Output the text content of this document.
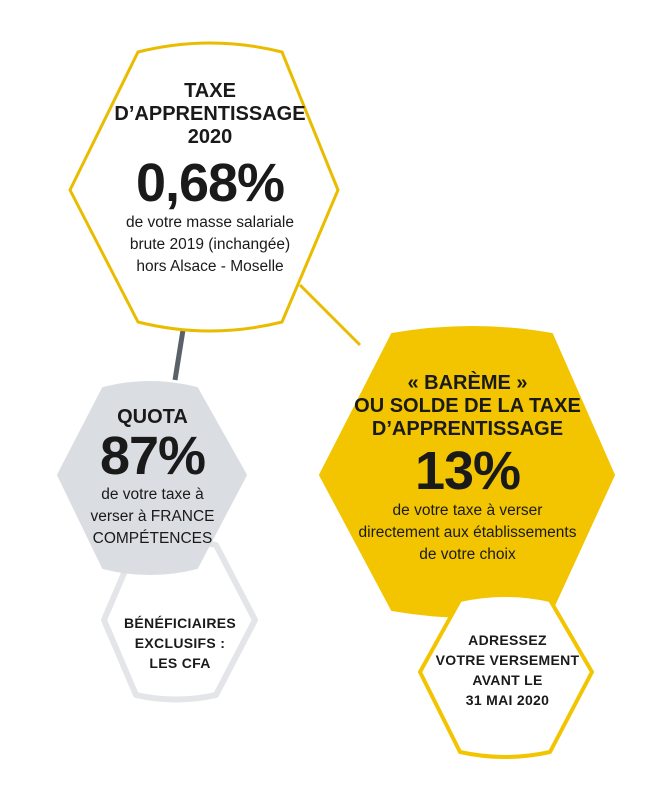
TAXE
D’APPRENTISSAGE
2020
0,68%
de votre masse salariale
brute 2019 (inchangée)
hors Alsace - Moselle
QUOTA
87%
de votre taxe à
verser à FRANCE
COMPÉTENCES
BÉNÉFICIAIRES
EXCLUSIFS :
LES CFA
« BARÈME »
OU SOLDE DE LA TAXE
D’APPRENTISSAGE
13%
de votre taxe à verser
directement aux établissements
de votre choix
ADRESSEZ
VOTRE VERSEMENT
AVANT LE
31 MAI 2020
